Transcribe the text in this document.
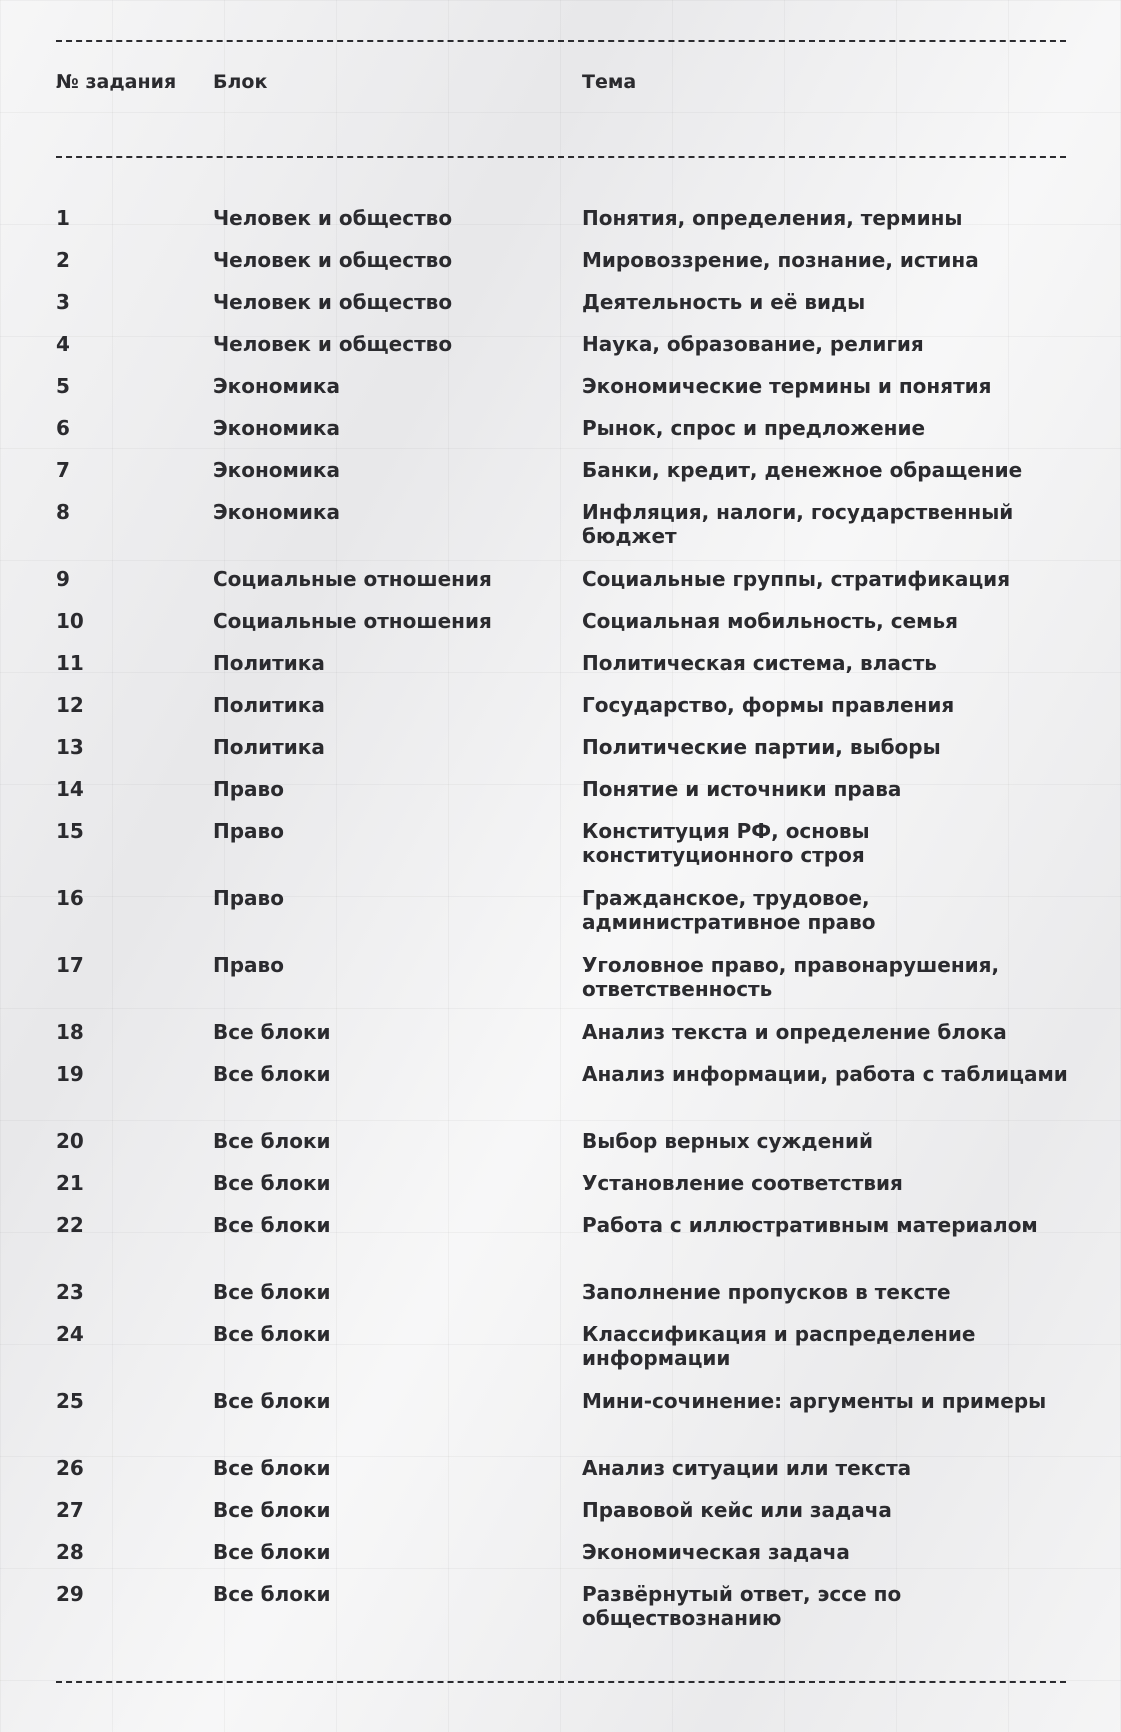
№ задания	Блок	Тема
1	Человек и общество	Понятия, определения, термины
2	Человек и общество	Мировоззрение, познание, истина
3	Человек и общество	Деятельность и её виды
4	Человек и общество	Наука, образование, религия
5	Экономика	Экономические термины и понятия
6	Экономика	Рынок, спрос и предложение
7	Экономика	Банки, кредит, денежное обращение
8	Экономика	Инфляция, налоги, государственный бюджет
9	Социальные отношения	Социальные группы, стратификация
10	Социальные отношения	Социальная мобильность, семья
11	Политика	Политическая система, власть
12	Политика	Государство, формы правления
13	Политика	Политические партии, выборы
14	Право	Понятие и источники права
15	Право	Конституция РФ, основы конституционного строя
16	Право	Гражданское, трудовое, административное право
17	Право	Уголовное право, правонарушения, ответственность
18	Все блоки	Анализ текста и определение блока
19	Все блоки	Анализ информации, работа с таблицами
20	Все блоки	Выбор верных суждений
21	Все блоки	Установление соответствия
22	Все блоки	Работа с иллюстративным материалом
23	Все блоки	Заполнение пропусков в тексте
24	Все блоки	Классификация и распределение информации
25	Все блоки	Мини-сочинение: аргументы и примеры
26	Все блоки	Анализ ситуации или текста
27	Все блоки	Правовой кейс или задача
28	Все блоки	Экономическая задача
29	Все блоки	Развёрнутый ответ, эссе по обществознанию
